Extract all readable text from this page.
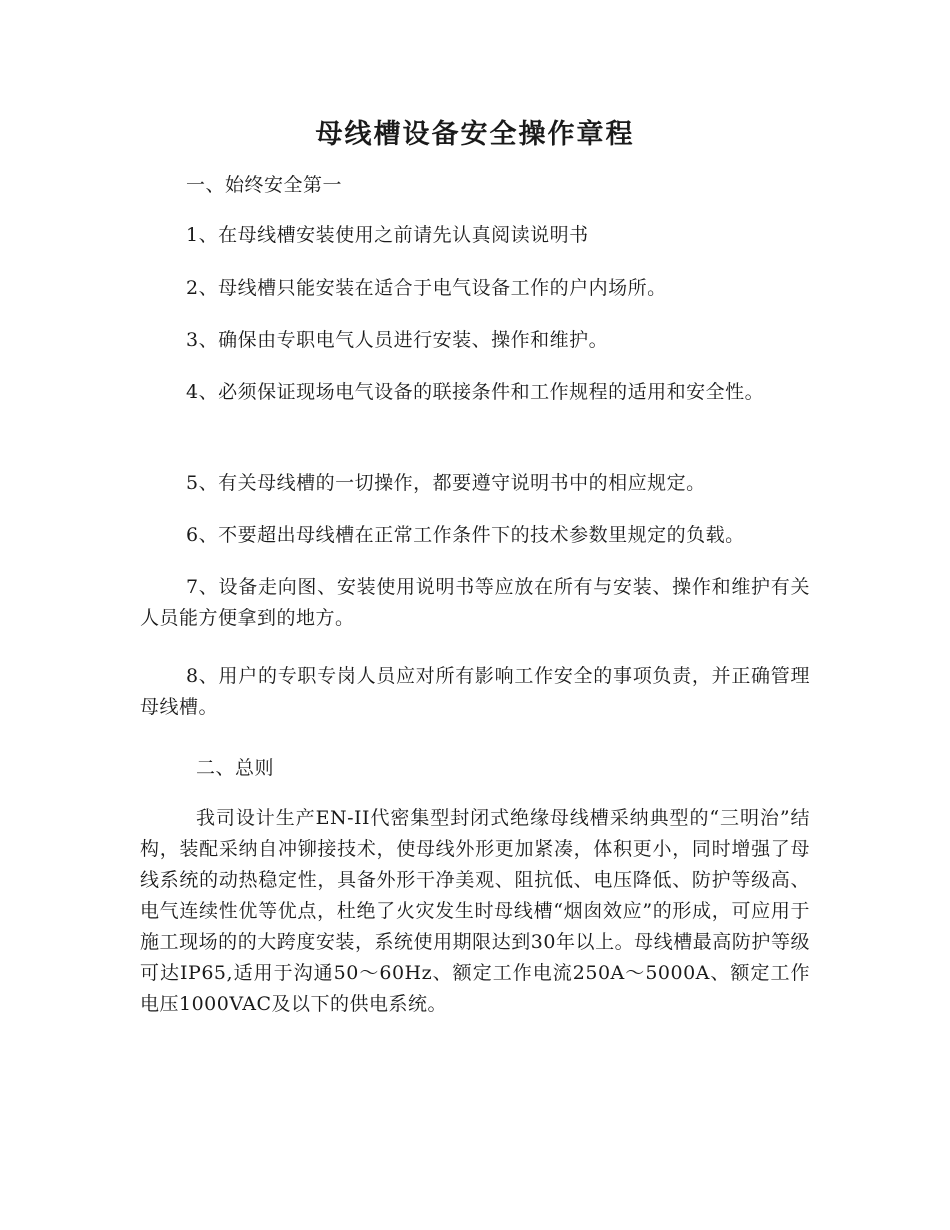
母线槽设备安全操作章程

一、始终安全第一

1、在母线槽安装使用之前请先认真阅读说明书

2、母线槽只能安装在适合于电气设备工作的户内场所。

3、确保由专职电气人员进行安装、操作和维护。

4、必须保证现场电气设备的联接条件和工作规程的适用和安全性。

5、有关母线槽的一切操作，都要遵守说明书中的相应规定。

6、不要超出母线槽在正常工作条件下的技术参数里规定的负载。

7、设备走向图、安装使用说明书等应放在所有与安装、操作和维护有关人员能方便拿到的地方。

8、用户的专职专岗人员应对所有影响工作安全的事项负责，并正确管理母线槽。

二、总则

我司设计生产EN-II代密集型封闭式绝缘母线槽采纳典型的“三明治”结构，装配采纳自冲铆接技术，使母线外形更加紧凑，体积更小，同时增强了母线系统的动热稳定性，具备外形干净美观、阻抗低、电压降低、防护等级高、电气连续性优等优点，杜绝了火灾发生时母线槽“烟囱效应”的形成，可应用于施工现场的的大跨度安装，系统使用期限达到30年以上。母线槽最高防护等级可达IP65,适用于沟通50～60Hz、额定工作电流250A～5000A、额定工作电压1000VAC及以下的供电系统。
